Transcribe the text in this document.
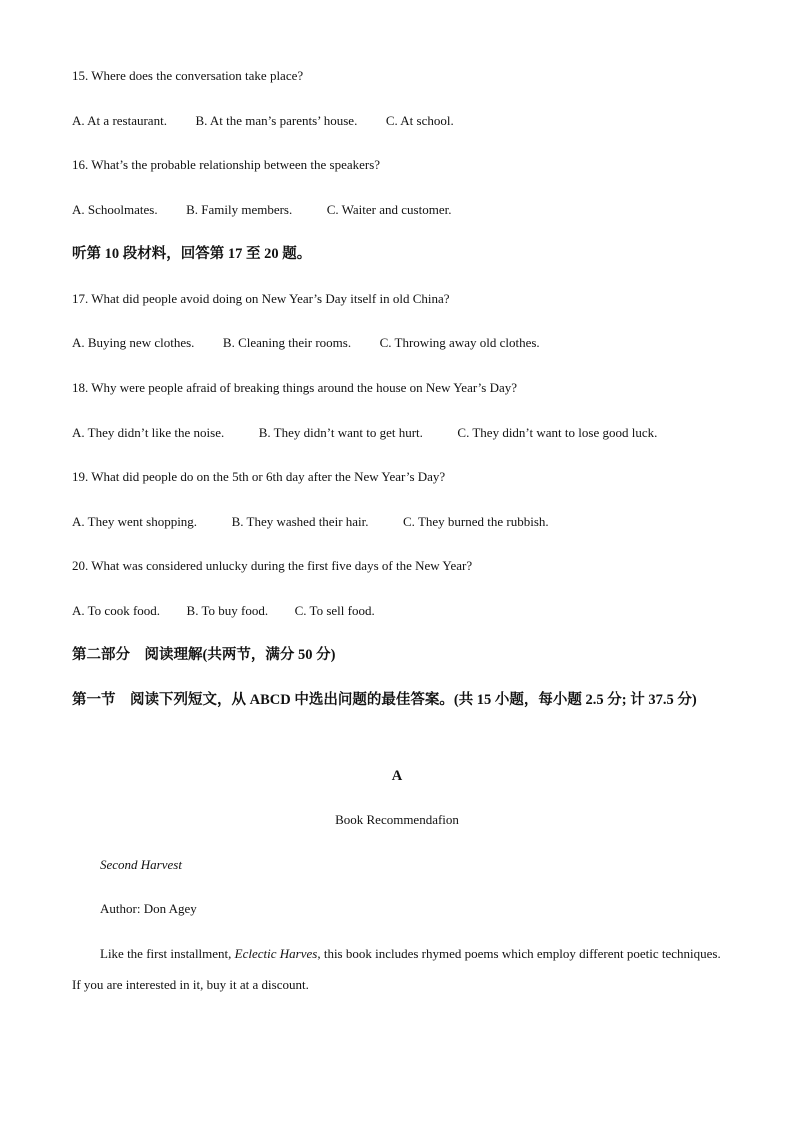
15. Where does the conversation take place?
A. At a restaurant. B. At the man’s parents’ house. C. At school.
16. What’s the probable relationship between the speakers?
A. Schoolmates. B. Family members.	C. Waiter and customer.
听第 10 段材料，回答第 17 至 20 题。
17. What did people avoid doing on New Year’s Day itself in old China?
A. Buying new clothes. B. Cleaning their rooms. C. Throwing away old clothes.
18. Why were people afraid of breaking things around the house on New Year’s Day?
A. They didn’t like the noise.	B. They didn’t want to get hurt.	C. They didn’t want to lose good luck.
19. What did people do on the 5th or 6th day after the New Year’s Day?
A. They went shopping.	B. They washed their hair.	C. They burned the rubbish.
20. What was considered unlucky during the first five days of the New Year?
A. To cook food. B. To buy food. C. To sell food.
第二部分　阅读理解(共两节，满分 50 分)
第一节　阅读下列短文，从 ABCD 中选出问题的最佳答案。(共 15 小题，每小题 2.5 分; 计 37.5 分)
A
Book Recommendafion
Second Harvest
Author: Don Agey
Like the first installment, Eclectic Harves, this book includes rhymed poems which employ different poetic techniques. If you are interested in it, buy it at a discount.
